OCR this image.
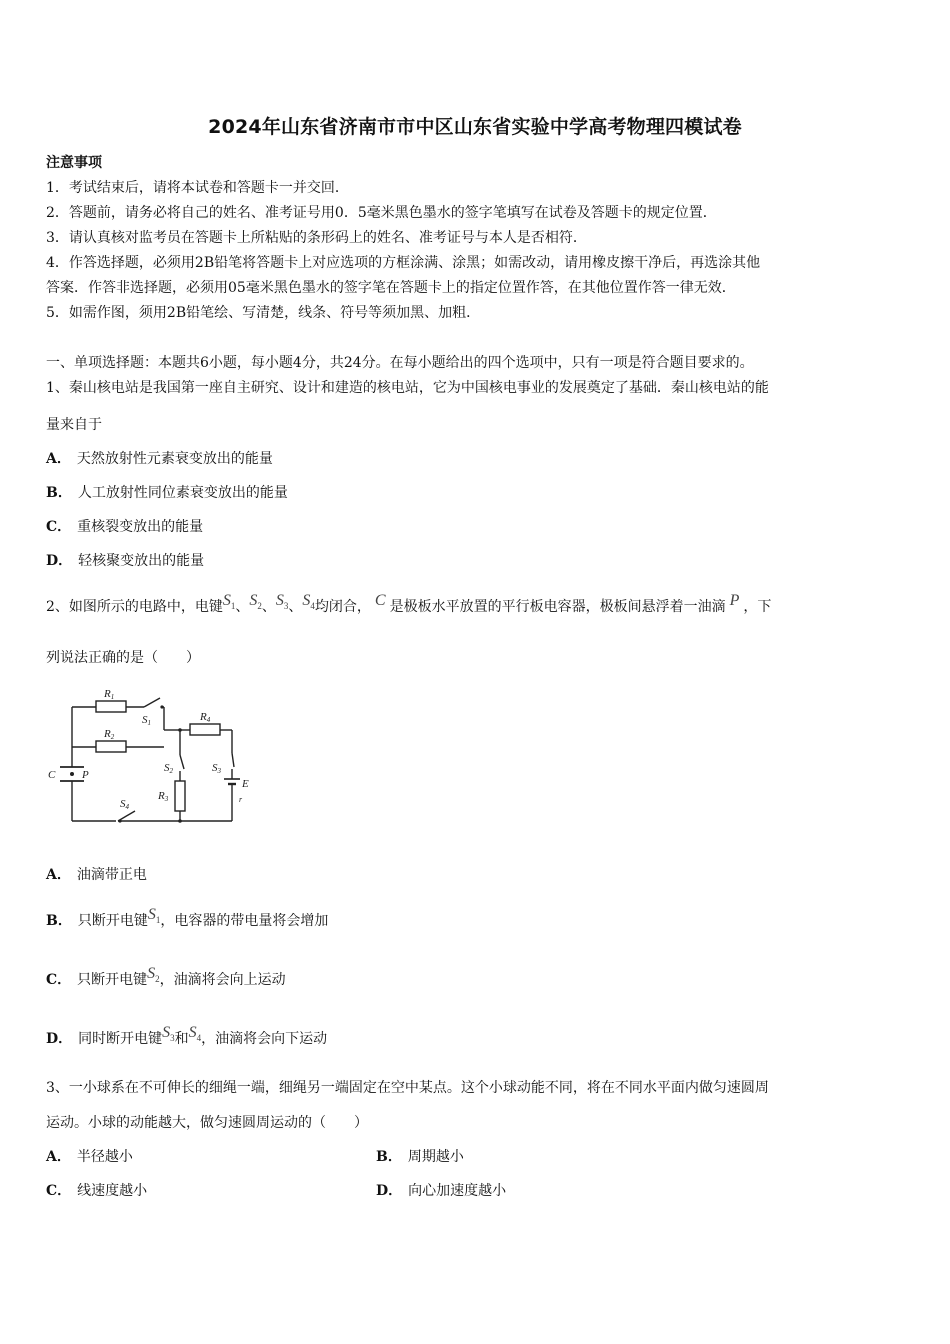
2024年山东省济南市市中区山东省实验中学高考物理四模试卷
注意事项
1．考试结束后，请将本试卷和答题卡一并交回．
2．答题前，请务必将自己的姓名、准考证号用0．5毫米黑色墨水的签字笔填写在试卷及答题卡的规定位置．
3．请认真核对监考员在答题卡上所粘贴的条形码上的姓名、准考证号与本人是否相符．
4．作答选择题，必须用2B铅笔将答题卡上对应选项的方框涂满、涂黑；如需改动，请用橡皮擦干净后，再选涂其他
答案．作答非选择题，必须用05毫米黑色墨水的签字笔在答题卡上的指定位置作答，在其他位置作答一律无效．
5．如需作图，须用2B铅笔绘、写清楚，线条、符号等须加黑、加粗．
一、单项选择题：本题共6小题，每小题4分，共24分。在每小题给出的四个选项中，只有一项是符合题目要求的。
1、秦山核电站是我国第一座自主研究、设计和建造的核电站，它为中国核电事业的发展奠定了基础．秦山核电站的能
量来自于
A． 天然放射性元素衰变放出的能量
B． 人工放射性同位素衰变放出的能量
C． 重核裂变放出的能量
D． 轻核聚变放出的能量
2、如图所示的电路中，电键$S_1$、$S_2$、$S_3$、$S_4$均闭合， C 是极板水平放置的平行板电容器，极板间悬浮着一油滴 P ，下
列说法正确的是（　　）
R1
R2
S1	R4
S2	S3
R3
E
r
C P
S4
A． 油滴带正电
B． 只断开电键$S_1$，电容器的带电量将会增加
C． 只断开电键$S_2$，油滴将会向上运动
D． 同时断开电键$S_3$和$S_4$，油滴将会向下运动
3、一小球系在不可伸长的细绳一端，细绳另一端固定在空中某点。这个小球动能不同，将在不同水平面内做匀速圆周
运动。小球的动能越大，做匀速圆周运动的（　　）
A． 半径越小	B． 周期越小
C． 线速度越小	D． 向心加速度越小
